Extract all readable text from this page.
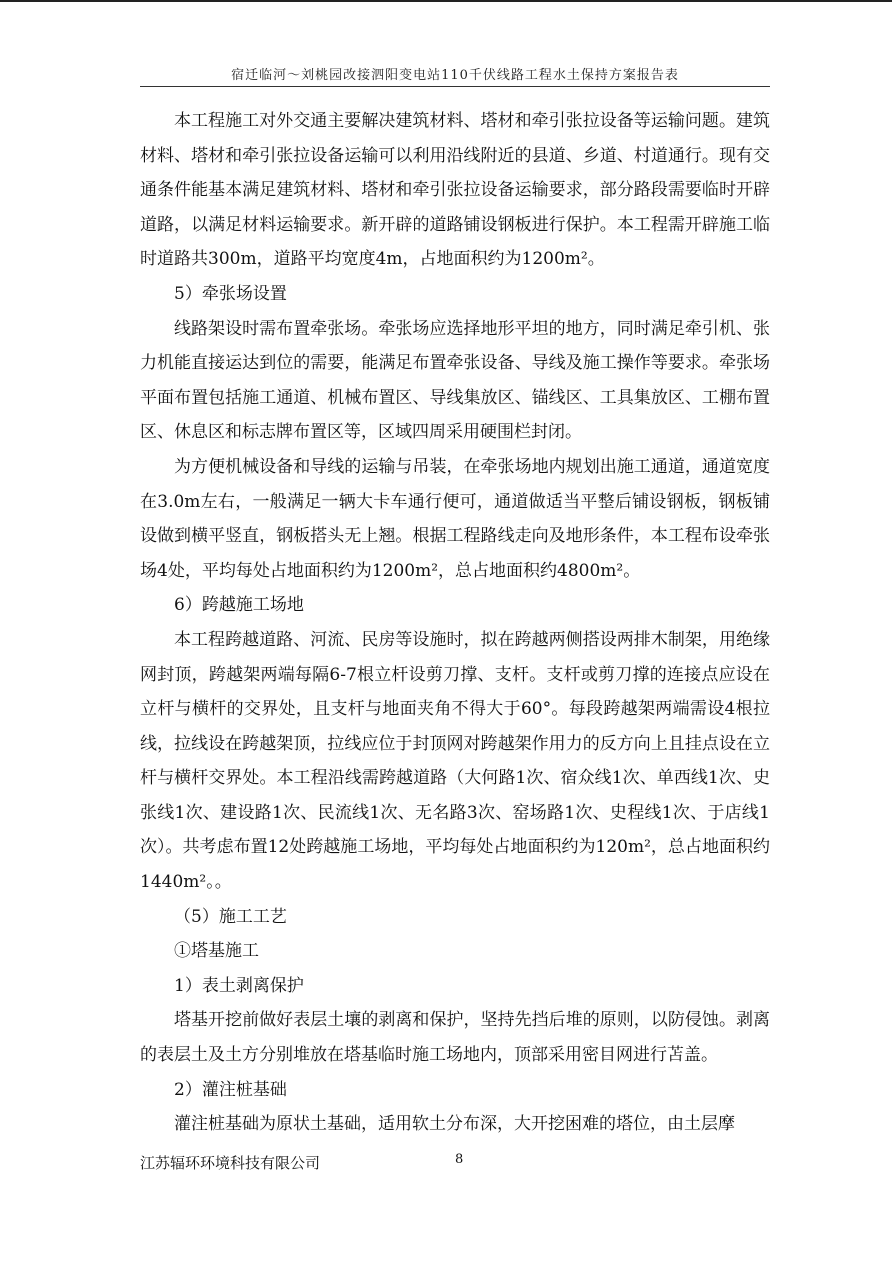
宿迁临河～刘桃园改接泗阳变电站110千伏线路工程水土保持方案报告表

本工程施工对外交通主要解决建筑材料、塔材和牵引张拉设备等运输问题。建筑材料、塔材和牵引张拉设备运输可以利用沿线附近的县道、乡道、村道通行。现有交通条件能基本满足建筑材料、塔材和牵引张拉设备运输要求，部分路段需要临时开辟道路，以满足材料运输要求。新开辟的道路铺设钢板进行保护。本工程需开辟施工临时道路共300m，道路平均宽度4m，占地面积约为1200m²。

5）牵张场设置

线路架设时需布置牵张场。牵张场应选择地形平坦的地方，同时满足牵引机、张力机能直接运达到位的需要，能满足布置牵张设备、导线及施工操作等要求。牵张场平面布置包括施工通道、机械布置区、导线集放区、锚线区、工具集放区、工棚布置区、休息区和标志牌布置区等，区域四周采用硬围栏封闭。

为方便机械设备和导线的运输与吊装，在牵张场地内规划出施工通道，通道宽度在3.0m左右，一般满足一辆大卡车通行便可，通道做适当平整后铺设钢板，钢板铺设做到横平竖直，钢板搭头无上翘。根据工程路线走向及地形条件，本工程布设牵张场4处，平均每处占地面积约为1200m²，总占地面积约4800m²。

6）跨越施工场地

本工程跨越道路、河流、民房等设施时，拟在跨越两侧搭设两排木制架，用绝缘网封顶，跨越架两端每隔6-7根立杆设剪刀撑、支杆。支杆或剪刀撑的连接点应设在立杆与横杆的交界处，且支杆与地面夹角不得大于60°。每段跨越架两端需设4根拉线，拉线设在跨越架顶，拉线应位于封顶网对跨越架作用力的反方向上且挂点设在立杆与横杆交界处。本工程沿线需跨越道路（大何路1次、宿众线1次、单西线1次、史张线1次、建设路1次、民流线1次、无名路3次、窑场路1次、史程线1次、于店线1次）。共考虑布置12处跨越施工场地，平均每处占地面积约为120m²，总占地面积约1440m²。。

（5）施工工艺

①塔基施工

1）表土剥离保护

塔基开挖前做好表层土壤的剥离和保护，坚持先挡后堆的原则，以防侵蚀。剥离的表层土及土方分别堆放在塔基临时施工场地内，顶部采用密目网进行苫盖。

2）灌注桩基础

灌注桩基础为原状土基础，适用软土分布深，大开挖困难的塔位，由土层摩

江苏辐环环境科技有限公司	8
